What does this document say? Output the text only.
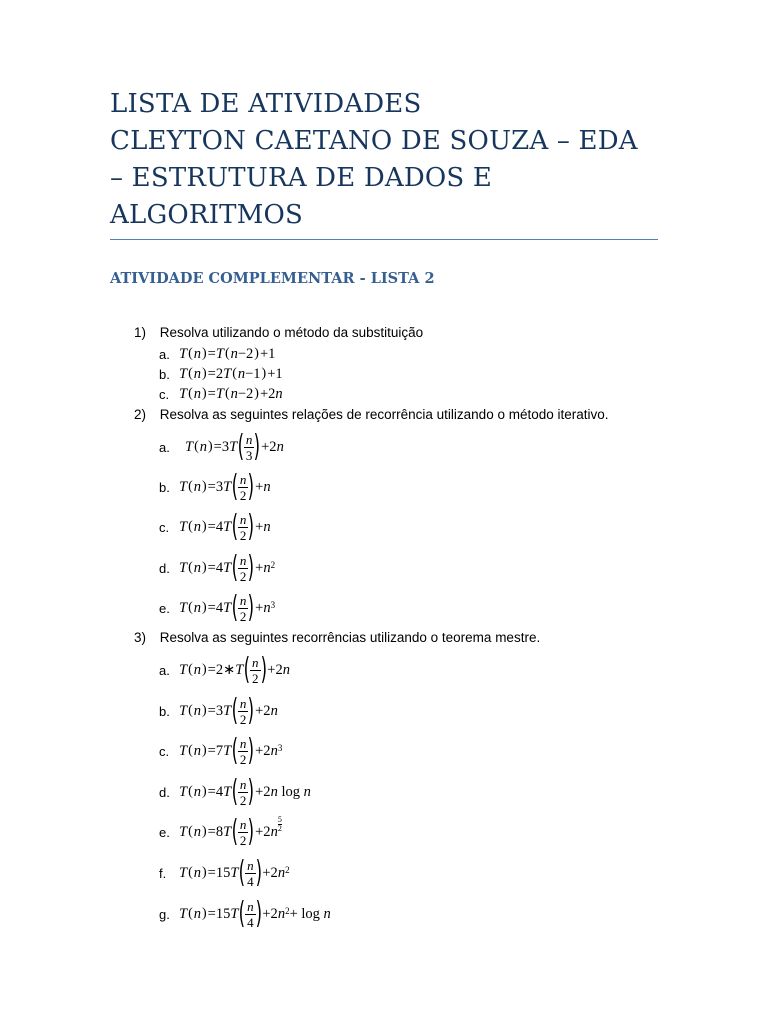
LISTA DE ATIVIDADES
CLEYTON CAETANO DE SOUZA – EDA
– ESTRUTURA DE DADOS E
ALGORITMOS
ATIVIDADE COMPLEMENTAR - LISTA 2
1) Resolva utilizando o método da substituição
a. T ( n ) = T ( n −2 ) +1
b. T ( n ) =2 T ( n −1 ) +1
c. T ( n ) = T ( n −2 ) +2 n
2) Resolva as seguintes relações de recorrência utilizando o método iterativo.
a.	T ( n ) =3 T ( n
3 ) +2 n
b. T ( n ) =3 T ( n
2 ) + n
c. T ( n ) =4 T ( n
2 ) + n
d. T ( n ) =4 T ( n
2 ) + $n^2$
e. T ( n ) =4 T ( n
2 ) + $n^3$
3) Resolva as seguintes recorrências utilizando o teorema mestre.
a. T ( n ) =2∗ T ( n
2 ) +2 n
b. T ( n ) =3 T ( n
2 ) +2 n
c. T ( n ) =7 T ( n
2 ) +2 $n^3$
d. T ( n ) =4 T ( n
2 ) +2 n log n
e. T ( n ) =8 T ( n
2 ) +2 n
5
2
f. T ( n ) =15 T ( n
4 ) +2 $n^2$
g. T ( n ) =15 T ( n
4 ) +2 $n^2 + \log n$
